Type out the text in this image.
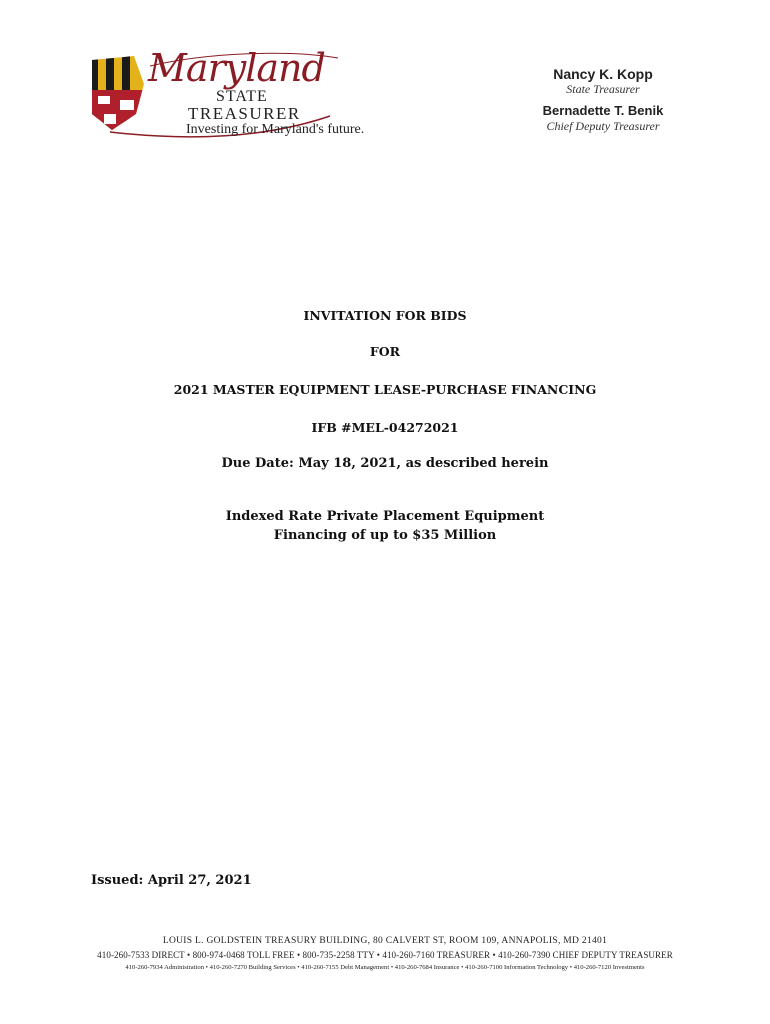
Maryland
STATE
TREASURER
Investing for Maryland's future.
Nancy K. Kopp
State Treasurer
Bernadette T. Benik
Chief Deputy Treasurer
INVITATION FOR BIDS
FOR
2021 MASTER EQUIPMENT LEASE-PURCHASE FINANCING
IFB #MEL-04272021
Due Date: May 18, 2021, as described herein
Indexed Rate Private Placement Equipment
Financing of up to $35 Million
Issued: April 27, 2021
LOUIS L. GOLDSTEIN TREASURY BUILDING, 80 CALVERT ST, ROOM 109, ANNAPOLIS, MD 21401
410-260-7533 DIRECT • 800-974-0468 TOLL FREE • 800-735-2258 TTY • 410-260-7160 TREASURER • 410-260-7390 CHIEF DEPUTY TREASURER
410-260-7934 Administration • 410-260-7270 Building Services • 410-260-7155 Debt Management • 410-260-7684 Insurance • 410-260-7100 Information Technology • 410-260-7120 Investments
